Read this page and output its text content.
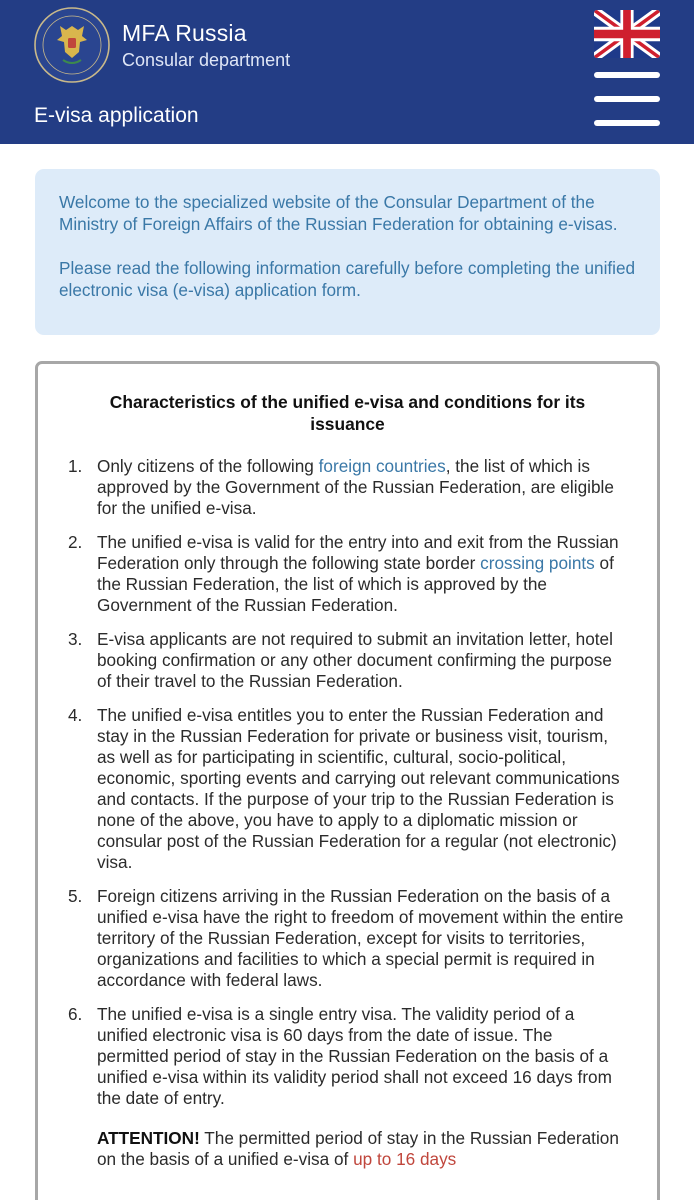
MFA Russia
Consular department
E-visa application

Welcome to the specialized website of the Consular Department of the Ministry of Foreign Affairs of the Russian Federation for obtaining e-visas.

Please read the following information carefully before completing the unified electronic visa (e-visa) application form.

Characteristics of the unified e-visa and conditions for its issuance
1. Only citizens of the following foreign countries, the list of which is approved by the Government of the Russian Federation, are eligible for the unified e-visa.
2. The unified e-visa is valid for the entry into and exit from the Russian Federation only through the following state border crossing points of the Russian Federation, the list of which is approved by the Government of the Russian Federation.
3. E-visa applicants are not required to submit an invitation letter, hotel booking confirmation or any other document confirming the purpose of their travel to the Russian Federation.
4. The unified e-visa entitles you to enter the Russian Federation and stay in the Russian Federation for private or business visit, tourism, as well as for participating in scientific, cultural, socio-political, economic, sporting events and carrying out relevant communications and contacts. If the purpose of your trip to the Russian Federation is none of the above, you have to apply to a diplomatic mission or consular post of the Russian Federation for a regular (not electronic) visa.
5. Foreign citizens arriving in the Russian Federation on the basis of a unified e-visa have the right to freedom of movement within the entire territory of the Russian Federation, except for visits to territories, organizations and facilities to which a special permit is required in accordance with federal laws.
6. The unified e-visa is a single entry visa. The validity period of a unified electronic visa is 60 days from the date of issue. The permitted period of stay in the Russian Federation on the basis of a unified e-visa within its validity period shall not exceed 16 days from the date of entry.

ATTENTION! The permitted period of stay in the Russian Federation on the basis of a unified e-visa of up to 16 days
